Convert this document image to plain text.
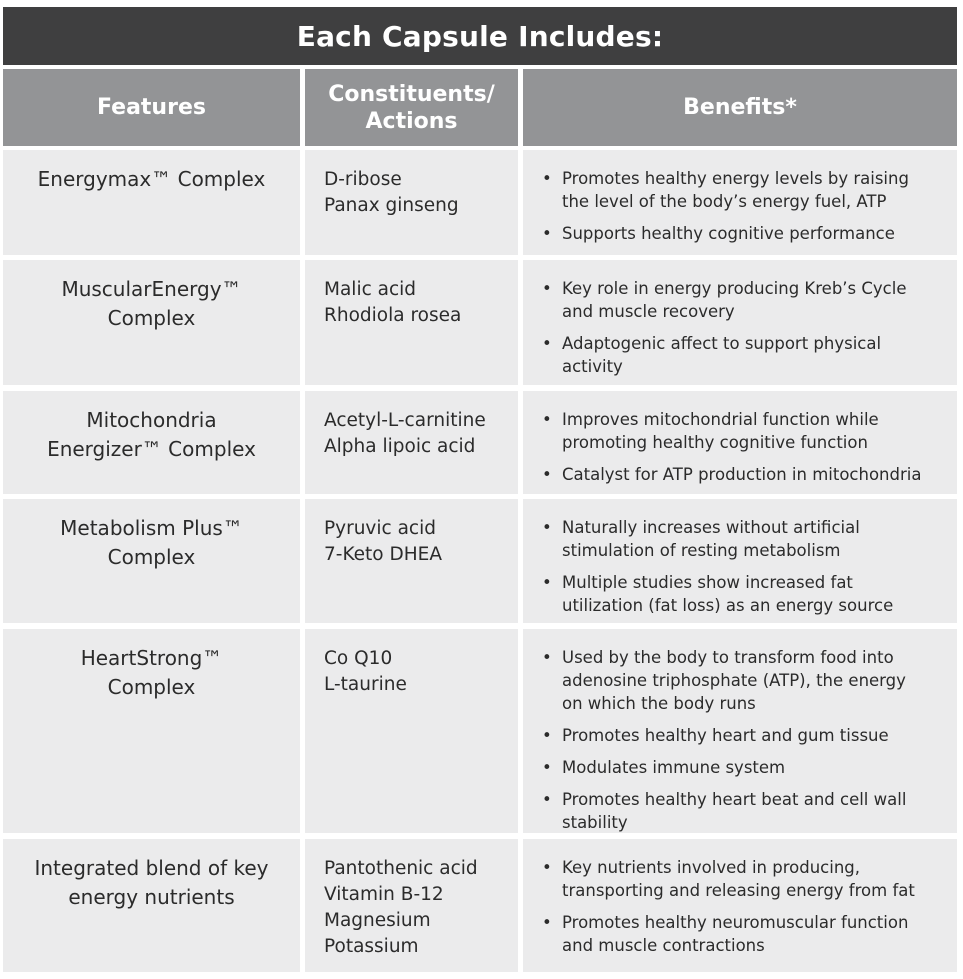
Each Capsule Includes:
Features
Constituents/
Actions
Benefits*
Energymax™ Complex	D-ribose
Panax ginseng
• Promotes healthy energy levels by raising
the level of the body’s energy fuel, ATP
• Supports healthy cognitive performance
MuscularEnergy™
Complex
Malic acid
Rhodiola rosea
• Key role in energy producing Kreb’s Cycle
and muscle recovery
• Adaptogenic affect to support physical
activity
Mitochondria
Energizer™ Complex
Acetyl-L-carnitine
Alpha lipoic acid
• Improves mitochondrial function while
promoting healthy cognitive function
• Catalyst for ATP production in mitochondria
Metabolism Plus™
Complex
Pyruvic acid
7-Keto DHEA
• Naturally increases without artificial
stimulation of resting metabolism
• Multiple studies show increased fat
utilization (fat loss) as an energy source
HeartStrong™
Complex
Co Q10
L-taurine
• Used by the body to transform food into
adenosine triphosphate (ATP), the energy
on which the body runs
• Promotes healthy heart and gum tissue
• Modulates immune system
• Promotes healthy heart beat and cell wall
stability
Integrated blend of key
energy nutrients
Pantothenic acid
Vitamin B-12
Magnesium
Potassium
• Key nutrients involved in producing,
transporting and releasing energy from fat
• Promotes healthy neuromuscular function
and muscle contractions
